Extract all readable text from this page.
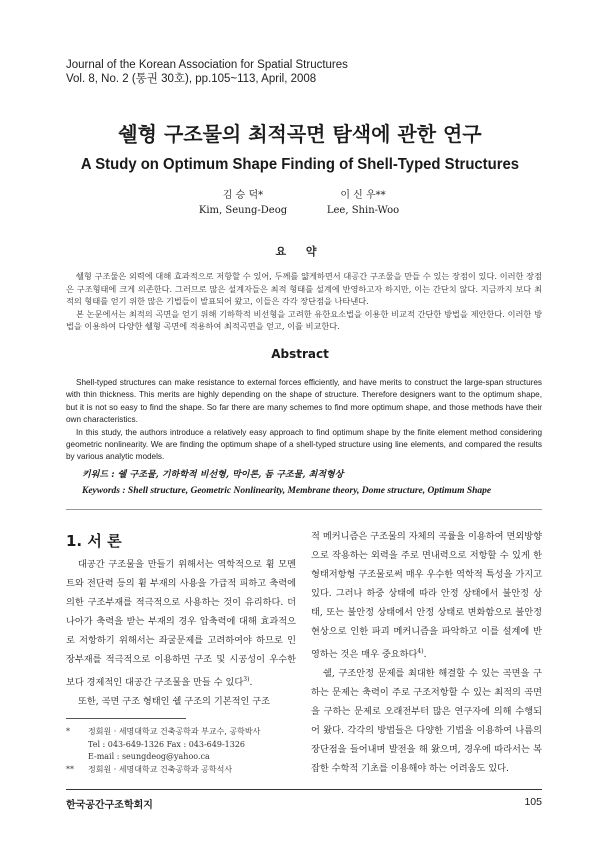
Journal of the Korean Association for Spatial Structures
Vol. 8, No. 2 (통권 30호), pp.105~113, April, 2008
쉘형 구조물의 최적곡면 탐색에 관한 연구
A Study on Optimum Shape Finding of Shell-Typed Structures
김 승 덕*
Kim, Seung-Deog
이 신 우**
Lee, Shin-Woo
요 약

쉘형 구조물은 외력에 대해 효과적으로 저항할 수 있어, 두께를 얇게하면서 대공간 구조물을 만들 수 있는 장점이 있다. 이러한 장점은 구조형태에 크게 의존한다. 그러므로 많은 설계자들은 최적 형태를 설계에 반영하고자 하지만, 이는 간단치 않다. 지금까지 보다 최적의 형태를 얻기 위한 많은 기법들이 발표되어 왔고, 이들은 각각 장단점을 나타낸다.

본 논문에서는 최적의 곡면을 얻기 위해 기하학적 비선형을 고려한 유한요소법을 이용한 비교적 간단한 방법을 제안한다. 이러한 방법을 이용하여 다양한 쉘형 곡면에 적용하여 최적곡면을 얻고, 이를 비교한다.

Abstract

Shell-typed structures can make resistance to external forces efficiently, and have merits to construct the large-span structures with thin thickness. This merits are highly depending on the shape of structure. Therefore designers want to the optimum shape, but it is not so easy to find the shape. So far there are many schemes to find more optimum shape, and those methods have their own characteristics.

In this study, the authors introduce a relatively easy approach to find optimum shape by the finite element method considering geometric nonlinearity. We are finding the optimum shape of a shell-typed structure using line elements, and compared the results by various analytic models.

키워드 : 쉘 구조물, 기하학적 비선형, 막이론, 돔 구조물, 최적형상
Keywords : Shell structure, Geometric Nonlinearity, Membrane theory, Dome structure, Optimum Shape
1. 서 론

대공간 구조물을 만들기 위해서는 역학적으로 휨 모멘트와 전단력 등의 휨 부재의 사용을 가급적 피하고 축력에 의한 구조부재를 적극적으로 사용하는 것이 유리하다. 더 나아가 축력을 받는 부재의 경우 압축력에 대해 효과적으로 저항하기 위해서는 좌굴문제를 고려하여야 하므로 인장부재를 적극적으로 이용하면 구조 및 시공성이 우수한 보다 경제적인 대공간 구조물을 만들 수 있다$^{3)}$.

또한, 곡면 구조 형태인 쉘 구조의 기본적인 구조

적 메커니즘은 구조물의 자체의 곡률을 이용하여 면외방향으로 작용하는 외력을 주로 면내력으로 저항할 수 있게 한 형태저항형 구조물로써 매우 우수한 역학적 특성을 가지고 있다. 그러나 하중 상태에 따라 안정 상태에서 불안정 상태, 또는 불안정 상태에서 안정 상태로 변화함으로 불안정 현상으로 인한 파괴 메커니즘을 파악하고 이를 설계에 반영하는 것은 매우 중요하다$^{4)}$.

쉘, 구조안정 문제를 최대한 해결할 수 있는 곡면을 구하는 문제는 축력이 주로 구조저항할 수 있는 최적의 곡면을 구하는 문제로 오래전부터 많은 연구자에 의해 수행되어 왔다. 각각의 방법들은 다양한 기법을 이용하여 나름의 장단점을 들어내며 발전을 해 왔으며, 경우에 따라서는 복잡한 수학적 기초를 이용해야 하는 어려움도 있다.

*	정회원 · 세명대학교 건축공학과 부교수, 공학박사
Tel : 043-649-1326 Fax : 043-649-1326
E-mail : seungdeog@yahoo.ca
**	정회원 · 세명대학교 건축공학과 공학석사
한국공간구조학회지	105
